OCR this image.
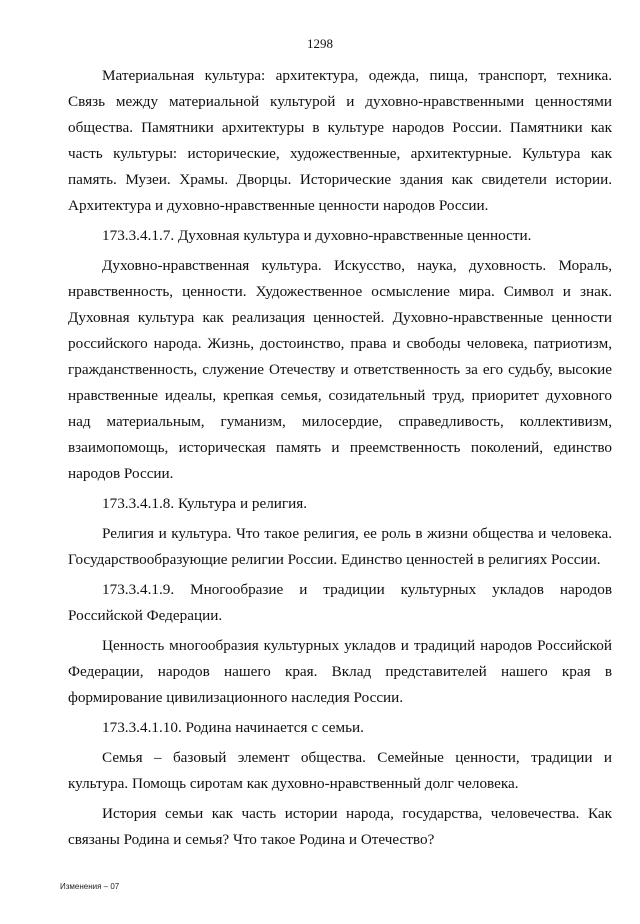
1298

Материальная культура: архитектура, одежда, пища, транспорт, техника. Связь между материальной культурой и духовно-нравственными ценностями общества. Памятники архитектуры в культуре народов России. Памятники как часть культуры: исторические, художественные, архитектурные. Культура как память. Музеи. Храмы. Дворцы. Исторические здания как свидетели истории. Архитектура и духовно-нравственные ценности народов России.

173.3.4.1.7. Духовная культура и духовно-нравственные ценности.

Духовно-нравственная культура. Искусство, наука, духовность. Мораль, нравственность, ценности. Художественное осмысление мира. Символ и знак. Духовная культура как реализация ценностей. Духовно-нравственные ценности российского народа. Жизнь, достоинство, права и свободы человека, патриотизм, гражданственность, служение Отечеству и ответственность за его судьбу, высокие нравственные идеалы, крепкая семья, созидательный труд, приоритет духовного над материальным, гуманизм, милосердие, справедливость, коллективизм, взаимопомощь, историческая память и преемственность поколений, единство народов России.

173.3.4.1.8. Культура и религия.

Религия и культура. Что такое религия, ее роль в жизни общества и человека. Государствообразующие религии России. Единство ценностей в религиях России.

173.3.4.1.9. Многообразие и традиции культурных укладов народов Российской Федерации.

Ценность многообразия культурных укладов и традиций народов Российской Федерации, народов нашего края. Вклад представителей нашего края в формирование цивилизационного наследия России.

173.3.4.1.10. Родина начинается с семьи.

Семья – базовый элемент общества. Семейные ценности, традиции и культура. Помощь сиротам как духовно-нравственный долг человека.

История семьи как часть истории народа, государства, человечества. Как связаны Родина и семья? Что такое Родина и Отечество?

Изменения – 07
